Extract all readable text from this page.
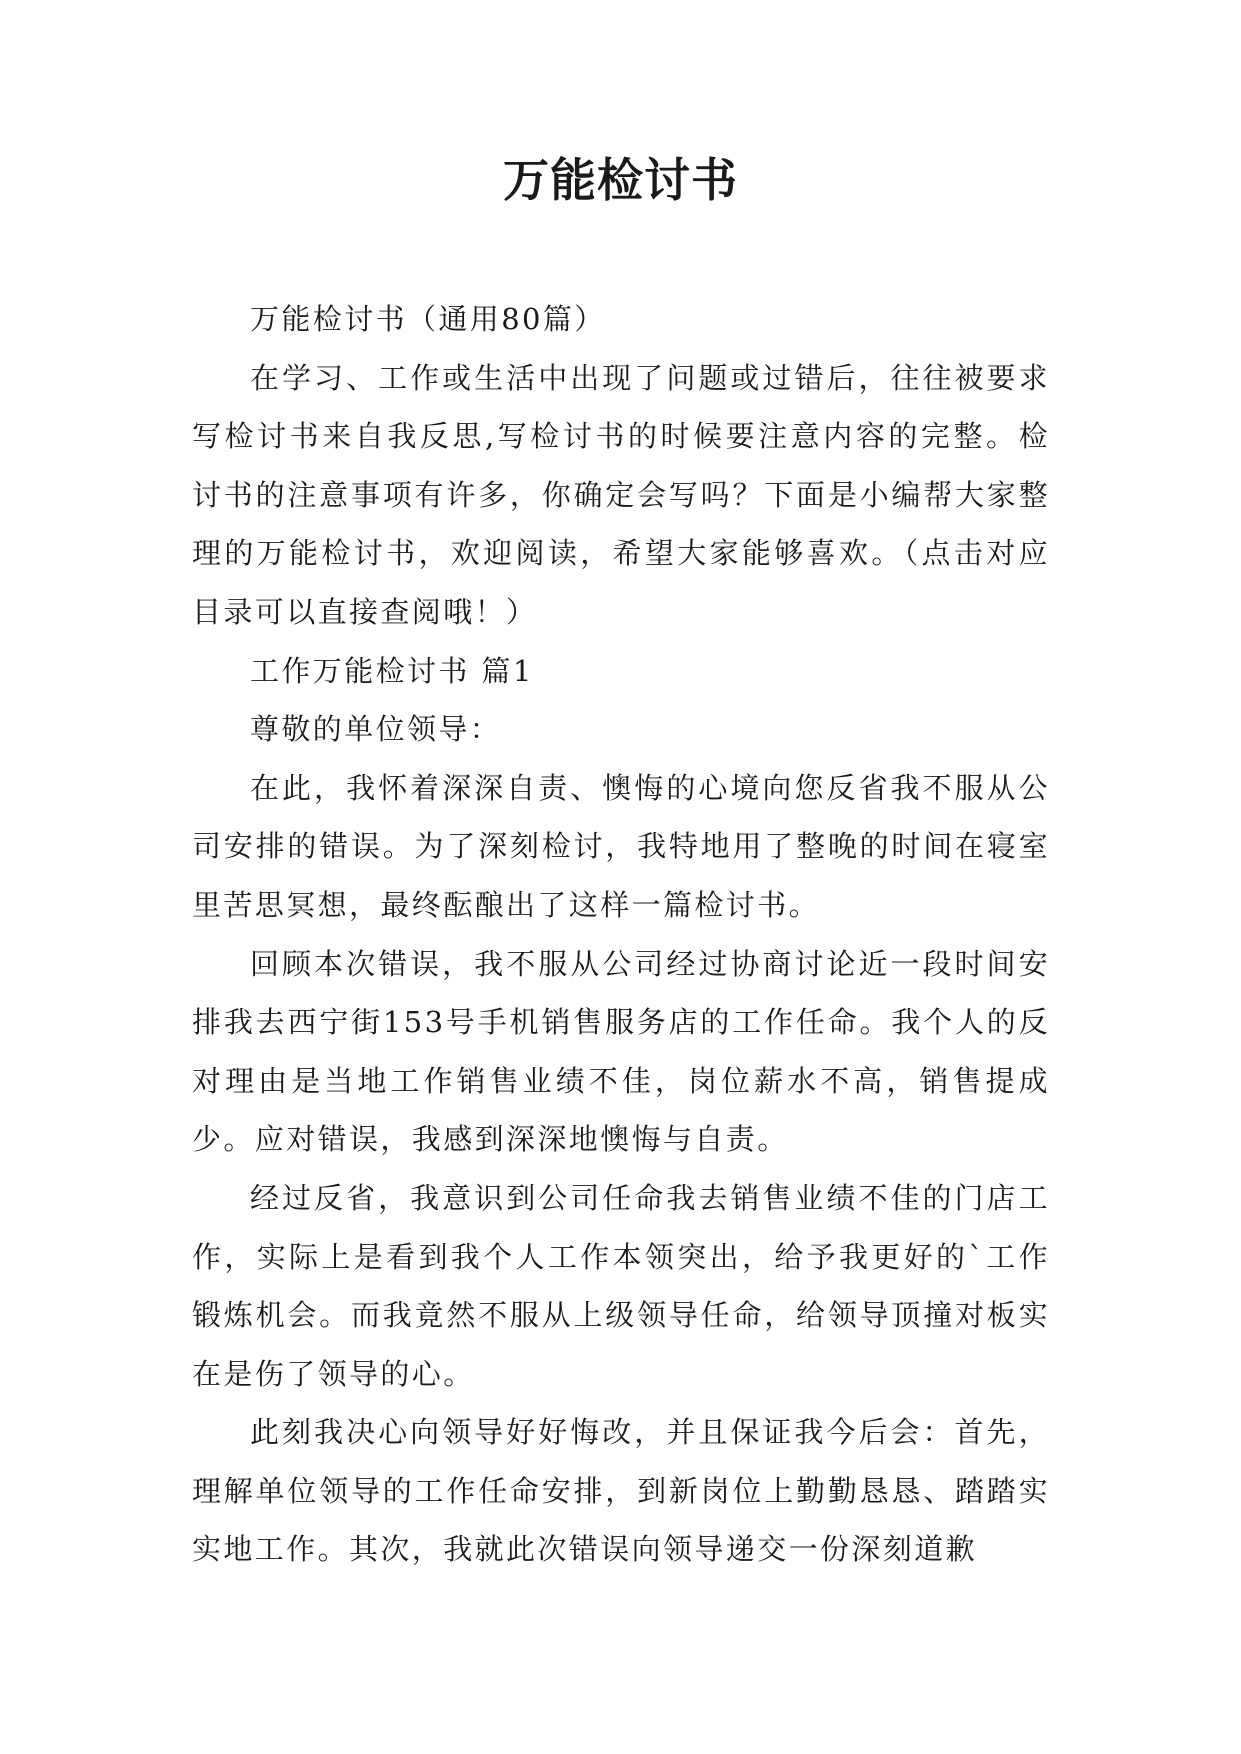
万能检讨书

万能检讨书（通用80篇）

在学习、工作或生活中出现了问题或过错后，往往被要求写检讨书来自我反思,写检讨书的时候要注意内容的完整。检讨书的注意事项有许多，你确定会写吗？下面是小编帮大家整理的万能检讨书，欢迎阅读，希望大家能够喜欢。（点击对应目录可以直接查阅哦！）

工作万能检讨书 篇1

尊敬的单位领导：

在此，我怀着深深自责、懊悔的心境向您反省我不服从公司安排的错误。为了深刻检讨，我特地用了整晚的时间在寝室里苦思冥想，最终酝酿出了这样一篇检讨书。

回顾本次错误，我不服从公司经过协商讨论近一段时间安排我去西宁街153号手机销售服务店的工作任命。我个人的反对理由是当地工作销售业绩不佳，岗位薪水不高，销售提成少。应对错误，我感到深深地懊悔与自责。

经过反省，我意识到公司任命我去销售业绩不佳的门店工作，实际上是看到我个人工作本领突出，给予我更好的`工作锻炼机会。而我竟然不服从上级领导任命，给领导顶撞对板实在是伤了领导的心。

此刻我决心向领导好好悔改，并且保证我今后会：首先，理解单位领导的工作任命安排，到新岗位上勤勤恳恳、踏踏实实地工作。其次，我就此次错误向领导递交一份深刻道歉
